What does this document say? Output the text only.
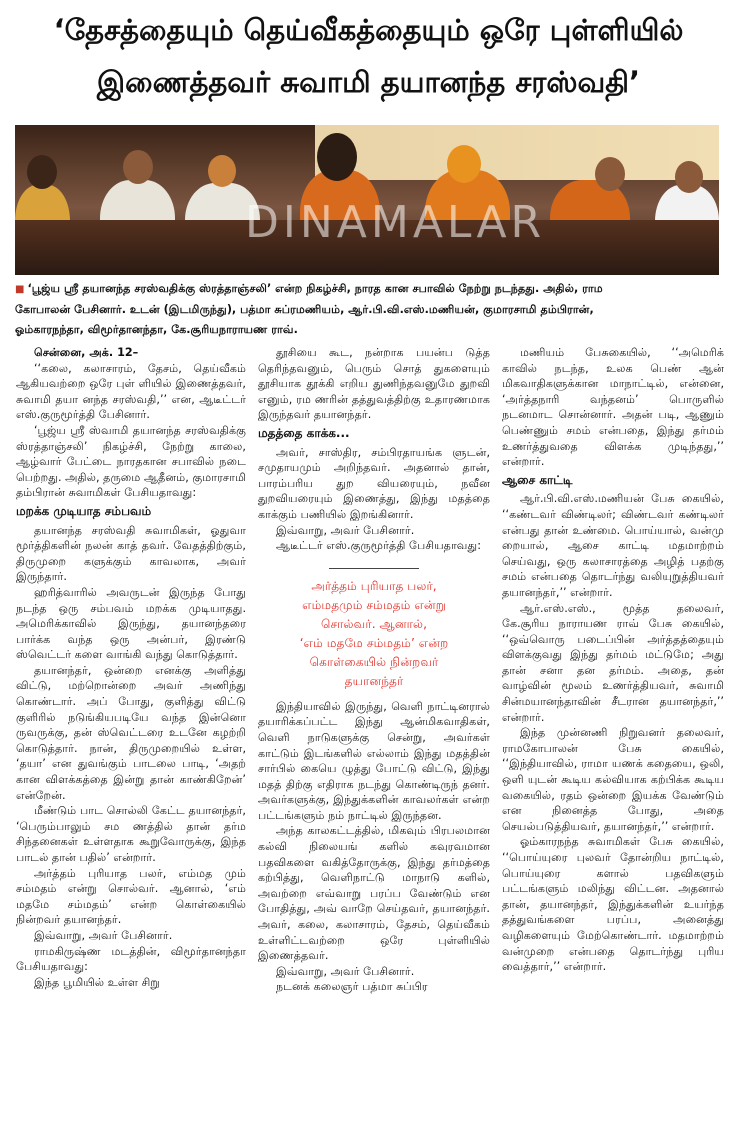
‘தேசத்தையும் தெய்வீகத்தையும் ஒரே புள்ளியில்
இணைத்தவர் சுவாமி தயானந்த சரஸ்வதி’
DINAMALAR
■ ‘பூஜ்ய ஸ்ரீ தயானந்த சரஸ்வதிக்கு ஸ்ரத்தாஞ்சலி’ என்ற நிகழ்ச்சி, நாரத கான சபாவில் நேற்று நடந்தது. அதில், ராம
கோபாலன் பேசினார். உடன் (இடமிருந்து), பத்மா சுப்ரமணியம், ஆர்.பி.வி.எஸ்.மணியன், குமாரசாமி தம்பிரான்,
ஓம்காரநந்தா, விமூர்தானந்தா, கே.சூரியநாராயண ராவ்.

சென்னை, அக். 12–

‘‘கலை, கலாசாரம், தேசம், தெய்வீகம் ஆகியவற்றை ஒரே புள் ளியில் இணைத்தவர், சுவாமி தயா னந்த சரஸ்வதி,’’ என, ஆடீட்டர் எஸ்.குருமூர்த்தி பேசினார்.

‘பூஜ்ய ஸ்ரீ ஸ்வாமி தயானந்த சரஸ்வதிக்கு ஸ்ரத்தாஞ்சலி’ நிகழ்ச்சி, நேற்று காலை, ஆழ்வார் பேட்டை நாரதகான சபாவில் நடை பெற்றது. அதில், தருமை ஆதீனம், குமாரசாமி தம்பிரான் சுவாமிகள் பேசியதாவது:

மறக்க முடியாத சம்பவம்

தயானந்த சரஸ்வதி சுவாமிகள், ஓதுவா மூர்த்திகளின் நலன் காத் தவர். வேதத்திற்கும், திருமுறை களுக்கும் காவலாக, அவர் இருந்தார்.

ஹரித்வாரில் அவருடன் இருந்த போது நடந்த ஒரு சம்பவம் மறக்க முடியாதது. அமெரிக்காவில் இருந்து, தயானந்தரை பார்க்க வந்த ஒரு அன்பர், இரண்டு ஸ்வெட்டர் களை வாங்கி வந்து கொடுத்தார்.

தயானந்தர், ஒன்றை எனக்கு அளித்து விட்டு, மற்றொன்றை அவர் அணிந்து கொண்டார். அப் போது, குளித்து விட்டு குளிரில் நடுங்கியபடியே வந்த இன்னொ ருவருக்கு, தன் ஸ்வெட்டரை உடனே கழற்றி கொடுத்தார். நான், திருமுறையில் உள்ள, ‘தயா’ என துவங்கும் பாடலை பாடி, ‘அதற் கான விளக்கத்தை இன்று தான் காண்கிறேன்’ என்றேன்.

மீண்டும் பாட சொல்லி கேட்ட தயானந்தர், ‘பெரும்பாலும் சம ணத்தில் தான் தர்ம சிந்தனைகள் உள்ளதாக கூறுவோருக்கு, இந்த பாடல் தான் பதில்’ என்றார்.

அர்த்தம் புரியாத பலர், எம்மத மும் சம்மதம் என்று சொல்வர். ஆனால், ‘எம் மதமே சம்மதம்’ என்ற கொள்கையில் நின்றவர் தயானந்தர்.

இவ்வாறு, அவர் பேசினார்.

ராமகிருஷ்ண மடத்தின், விமூர்தானந்தா பேசியதாவது:

இந்த பூமியில் உள்ள சிறு

தூசியை கூட, நன்றாக பயன்ப டுத்த தெரிந்தவனும், பெரும் சொத் துகளையும் தூசியாக தூக்கி எறிய துணிந்தவனுமே துறவி எனும், ரம ணரின் தத்துவத்திற்கு உதாரணமாக இருந்தவர் தயானந்தர்.

மதத்தை காக்க...

அவர், சாஸ்திர, சம்பிரதாயங்க ளுடன், சமுதாயமும் அறிந்தவர். அதனால் தான், பாரம்பரிய துற வியரையும், நவீன துறவியரையும் இணைத்து, இந்து மதத்தை காக்கும் பணியில் இறங்கினார்.

இவ்வாறு, அவர் பேசினார்.

ஆடீட்டர் எஸ்.குருமூர்த்தி பேசியதாவது:

அர்த்தம் புரியாத பலர்,
எம்மதமும் சம்மதம் என்று
சொல்வர். ஆனால்,
‘எம் மதமே சம்மதம்’ என்ற
கொள்கையில் நின்றவர்
தயானந்தர்

இந்தியாவில் இருந்து, வெளி நாட்டினரால் தயாரிக்கப்பட்ட இந்து ஆன்மிகவாதிகள், வெளி நாடுகளுக்கு சென்று, அவர்கள் காட்டும் இடங்களில் எல்லாம் இந்து மதத்தின் சார்பில் கையெ ழுத்து போட்டு விட்டு, இந்து மதத் திற்கு எதிராக நடந்து கொண்டிருந் தனர். அவர்களுக்கு, இந்துக்களின் காவலர்கள் என்ற பட்டங்களும் நம் நாட்டில் இருந்தன.

அந்த காலகட்டத்தில், மிகவும் பிரபலமான கல்வி நிலையங் களில் கவுரவமான பதவிகளை வகித்தோருக்கு, இந்து தர்மத்தை கற்பித்து, வெளிநாட்டு மாநாடு களில், அவற்றை எவ்வாறு பரப்ப வேண்டும் என போதித்து, அவ் வாறே செய்தவர், தயானந்தர். அவர், கலை, கலாசாரம், தேசம், தெய்வீகம் உள்ளிட்டவற்றை ஒரே புள்ளியில் இணைத்தவர்.

இவ்வாறு, அவர் பேசினார்.

நடனக் கலைஞர் பத்மா சுப்பிர

மணியம் பேசுகையில், ‘‘அமெரிக் காவில் நடந்த, உலக பெண் ஆன் மிகவாதிகளுக்கான மாநாட்டில், என்னை, ‘அர்த்தநாரி வந்தனம்’ பொருளில் நடனமாட சொன்னார். அதன் படி, ஆணும் பெண்ணும் சமம் என்பதை, இந்து தர்மம் உணர்த்துவதை விளக்க முடிந்தது,’’ என்றார்.

ஆசை காட்டி

ஆர்.பி.வி.எஸ்.மணியன் பேசு கையில், ‘‘கண்டவர் விண்டிலர்; விண்டவர் கண்டிலர் என்பது தான் உண்மை. பொய்யால், வன்மு றையால், ஆசை காட்டி மதமாற்றம் செய்வது, ஒரு கலாசாரத்தை அழித் பதற்கு சமம் என்பதை தொடர்ந்து வலியுறுத்தியவர் தயானந்தர்,’’ என்றார்.

ஆர்.எஸ்.எஸ்., மூத்த தலைவர், கே.சூரிய நாராயண ராவ் பேசு கையில், ‘‘ஒவ்வொரு படைப்பின் அர்த்தத்தையும் விளக்குவது இந்து தர்மம் மட்டுமே; அது தான் சனா தன தர்மம். அதை, தன் வாழ்வின் மூலம் உணர்த்தியவர், சுவாமி சின்மயானந்தாவின் சீடரான தயானந்தர்,’’ என்றார்.

இந்த முன்னணி நிறுவனர் தலைவர், ராமகோபாலன் பேசு கையில், ‘‘இந்தியாவில், ராமா யணக் கதையை, ஒலி, ஒளி யுடன் கூடிய கல்வியாக கற்பிக்க கூடிய வகையில், ரதம் ஒன்றை இயக்க வேண்டும் என நினைத்த போது, அதை செயல்படுத்தியவர், தயானந்தர்,’’ என்றார்.

ஓம்காரநந்த சுவாமிகள் பேசு கையில், ‘‘பொய்யுரை புலவர் தோன்றிய நாட்டில், பொய்யுரை களால் பதவிகளும் பட்டங்களும் மலிந்து விட்டன. அதனால் தான், தயானந்தர், இந்துக்களின் உயர்ந்த தத்துவங்களை பரப்ப, அனைத்து வழிகளையும் மேற்கொண்டார். மதமாற்றம் வன்முறை என்பதை தொடர்ந்து புரிய வைத்தார்,’’ என்றார்.
